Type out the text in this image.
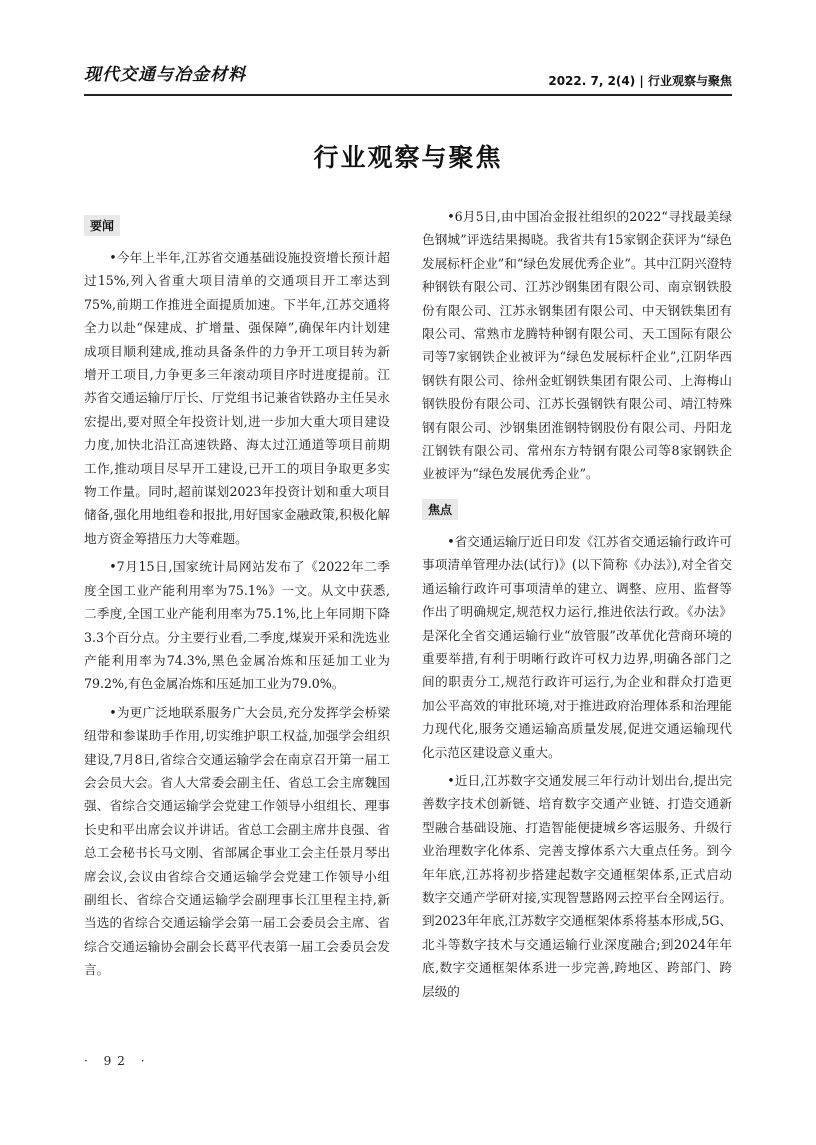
现代交通与冶金材料	2022. 7, 2(4) | 行业观察与聚焦
行业观察与聚焦
要闻

•今年上半年,江苏省交通基础设施投资增长预计超过15%,列入省重大项目清单的交通项目开工率达到75%,前期工作推进全面提质加速。下半年,江苏交通将全力以赴“保建成、扩增量、强保障”,确保年内计划建成项目顺利建成,推动具备条件的力争开工项目转为新增开工项目,力争更多三年滚动项目序时进度提前。江苏省交通运输厅厅长、厅党组书记兼省铁路办主任吴永宏提出,要对照全年投资计划,进一步加大重大项目建设力度,加快北沿江高速铁路、海太过江通道等项目前期工作,推动项目尽早开工建设,已开工的项目争取更多实物工作量。同时,超前谋划2023年投资计划和重大项目储备,强化用地组卷和报批,用好国家金融政策,积极化解地方资金筹措压力大等难题。

•7月15日,国家统计局网站发布了《2022年二季度全国工业产能利用率为75.1%》一文。从文中获悉,二季度,全国工业产能利用率为75.1%,比上年同期下降3.3个百分点。分主要行业看,二季度,煤炭开采和洗选业产能利用率为74.3%,黑色金属冶炼和压延加工业为79.2%,有色金属冶炼和压延加工业为79.0%。

•为更广泛地联系服务广大会员,充分发挥学会桥梁纽带和参谋助手作用,切实维护职工权益,加强学会组织建设,7月8日,省综合交通运输学会在南京召开第一届工会会员大会。省人大常委会副主任、省总工会主席魏国强、省综合交通运输学会党建工作领导小组组长、理事长史和平出席会议并讲话。省总工会副主席井良强、省总工会秘书长马文刚、省部属企事业工会主任景月琴出席会议,会议由省综合交通运输学会党建工作领导小组副组长、省综合交通运输学会副理事长江里程主持,新当选的省综合交通运输学会第一届工会委员会主席、省综合交通运输协会副会长葛平代表第一届工会委员会发言。

•6月5日,由中国冶金报社组织的2022“寻找最美绿色钢城”评选结果揭晓。我省共有15家钢企获评为“绿色发展标杆企业”和“绿色发展优秀企业”。其中江阴兴澄特种钢铁有限公司、江苏沙钢集团有限公司、南京钢铁股份有限公司、江苏永钢集团有限公司、中天钢铁集团有限公司、常熟市龙腾特种钢有限公司、天工国际有限公司等7家钢铁企业被评为“绿色发展标杆企业”,江阴华西钢铁有限公司、徐州金虹钢铁集团有限公司、上海梅山钢铁股份有限公司、江苏长强钢铁有限公司、靖江特殊钢有限公司、沙钢集团淮钢特钢股份有限公司、丹阳龙江钢铁有限公司、常州东方特钢有限公司等8家钢铁企业被评为“绿色发展优秀企业”。

焦点

•省交通运输厅近日印发《江苏省交通运输行政许可事项清单管理办法(试行)》(以下简称《办法》),对全省交通运输行政许可事项清单的建立、调整、应用、监督等作出了明确规定,规范权力运行,推进依法行政。《办法》是深化全省交通运输行业“放管服”改革优化营商环境的重要举措,有利于明晰行政许可权力边界,明确各部门之间的职责分工,规范行政许可运行,为企业和群众打造更加公平高效的审批环境,对于推进政府治理体系和治理能力现代化,服务交通运输高质量发展,促进交通运输现代化示范区建设意义重大。

•近日,江苏数字交通发展三年行动计划出台,提出完善数字技术创新链、培育数字交通产业链、打造交通新型融合基础设施、打造智能便捷城乡客运服务、升级行业治理数字化体系、完善支撑体系六大重点任务。到今年年底,江苏将初步搭建起数字交通框架体系,正式启动数字交通产学研对接,实现智慧路网云控平台全网运行。到2023年年底,江苏数字交通框架体系将基本形成,5G、北斗等数字技术与交通运输行业深度融合;到2024年年底,数字交通框架体系进一步完善,跨地区、跨部门、跨层级的

· 92 ·
